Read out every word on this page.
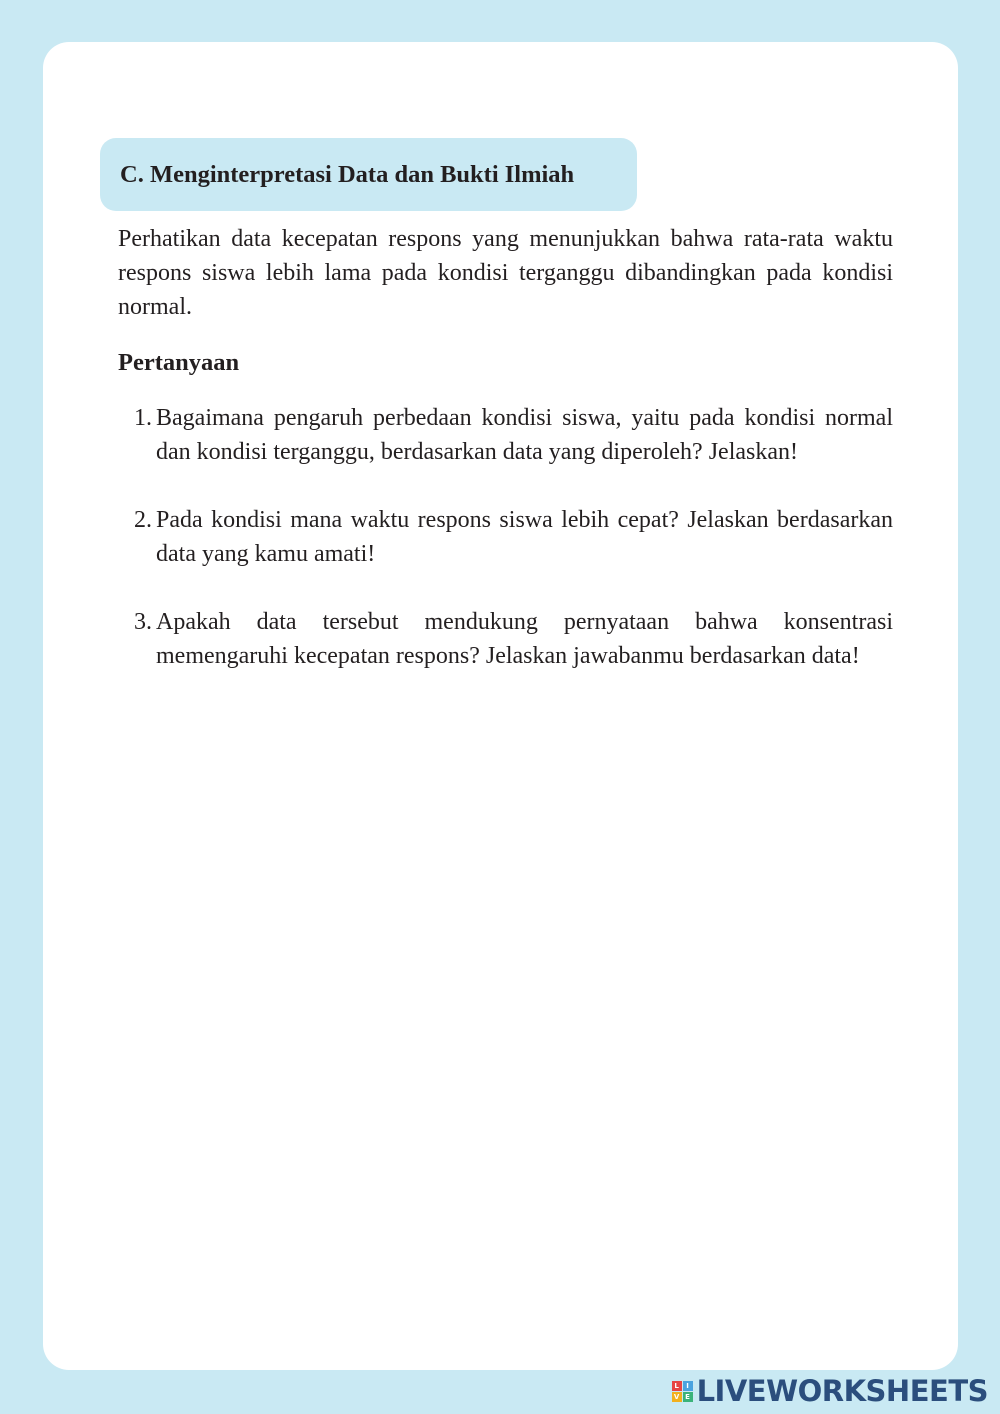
C. Menginterpretasi Data dan Bukti Ilmiah

Perhatikan data kecepatan respons yang menunjukkan bahwa rata-rata waktu respons siswa lebih lama pada kondisi terganggu dibandingkan pada kondisi normal.

Pertanyaan
1. Bagaimana pengaruh perbedaan kondisi siswa, yaitu pada kondisi normal dan kondisi terganggu, berdasarkan data yang diperoleh? Jelaskan!
2. Pada kondisi mana waktu respons siswa lebih cepat? Jelaskan berdasarkan data yang kamu amati!
3. Apakah data tersebut mendukung pernyataan bahwa konsentrasi memengaruhi kecepatan respons? Jelaskan jawabanmu berdasarkan data!
L	I
V E LIVEWORKSHEETS
